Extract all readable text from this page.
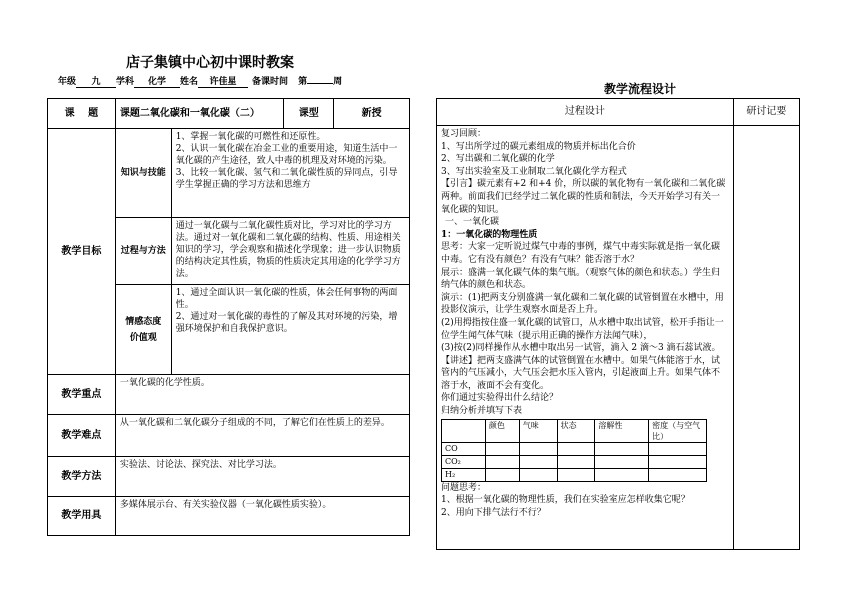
店子集镇中心初中课时教案
年级 九 学科 化学 姓名 许佳星 备课时间 第	周
课　 题	课题二氧化碳和一氧化碳（二）		课型	新授
教学目标	知识与技能	1、掌握一氧化碳的可燃性和还原性。
2、认识一氧化碳在冶金工业的重要用途，知道生活中一氧化碳的产生途径，致人中毒的机理及对环境的污染。
3、比较一氧化碳、氢气和二氧化碳性质的异同点，引导学生掌握正确的学习方法和思维方		
	过程与方法	通过一氧化碳与二氧化碳性质对比，学习对比的学习方法。通过对一氧化碳和二氧化碳的结构、性质、用途相关知识的学习，学会观察和描述化学现象；进一步认识物质的结构决定其性质，物质的性质决定其用途的化学学习方法。		
	情感态度
价值观	1、通过全面认识一氧化碳的性质，体会任何事物的两面性。
2、通过对一氧化碳的毒性的了解及其对环境的污染，增强环境保护和自我保护意识。		
教学重点	一氧化碳的化学性质。			
教学难点	从一氧化碳和二氧化碳分子组成的不同，了解它们在性质上的差异。			
教学方法	实验法、讨论法、探究法、对比学习法。			
教学用具	多媒体展示台、有关实验仪器（一氧化碳性质实验）。			
教学流程设计
过程设计	研讨记要

复习回顾：

1、写出所学过的碳元素组成的物质并标出化合价

2、写出碳和二氧化碳的化学

3、写出实验室及工业制取二氧化碳化学方程式

【引言】碳元素有+2 和+4 价，所以碳的氧化物有一氧化碳和二氧化碳两种。前面我们已经学过二氧化碳的性质和制法，今天开始学习有关一氧化碳的知识。

一、一氧化碳

1：一氧化碳的物理性质

思考：大家一定听说过煤气中毒的事例，煤气中毒实际就是指一氧化碳中毒。它有没有颜色？有没有气味？能否溶于水？

展示：盛满一氧化碳气体的集气瓶。（观察气体的颜色和状态。）学生归纳气体的颜色和状态。

演示：(1)把两支分别盛满一氧化碳和二氧化碳的试管倒置在水槽中，用投影仪演示，让学生观察水面是否上升。

(2)用拇指按住盛一氧化碳的试管口，从水槽中取出试管，松开手指让一位学生闻气体气味（提示用正确的操作方法闻气味），

(3)按(2)同样操作从水槽中取出另一试管，滴入 2 滴～3 滴石蕊试液。

【讲述】把两支盛满气体的试管倒置在水槽中。如果气体能溶于水，试管内的气压减小，大气压会把水压入管内，引起液面上升。如果气体不溶于水，液面不会有变化。

你们通过实验得出什么结论？

归纳分析并填写下表

	颜色	气味	状态	溶解性	密度（与空气比）
CO					
CO₂					
H₂					

问题思考：

1、根据一氧化碳的物理性质，我们在实验室应怎样收集它呢？

2、用向下排气法行不行？
